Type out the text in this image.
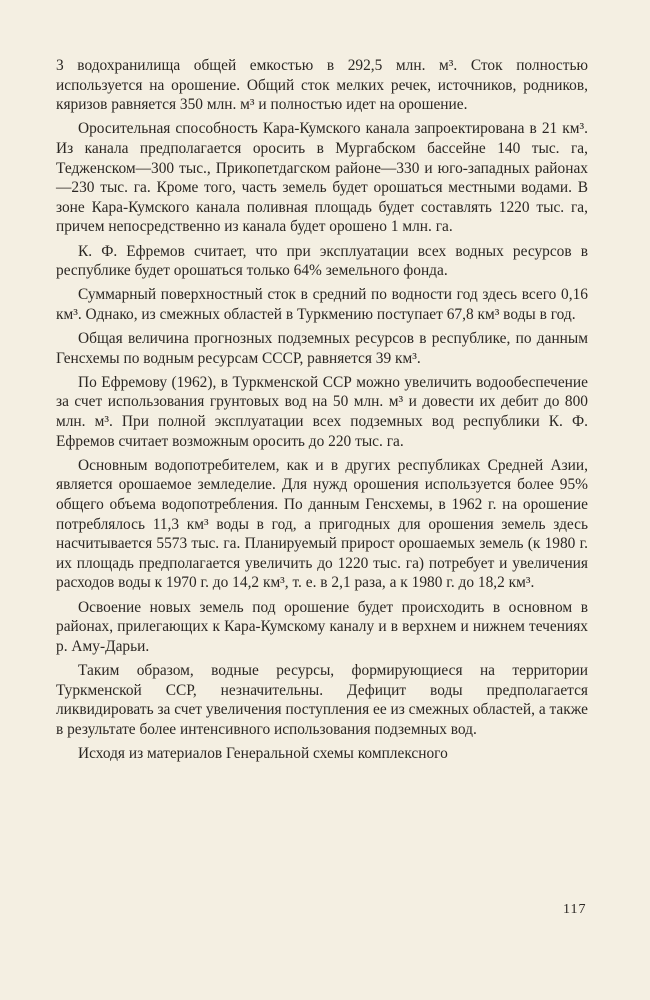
3 водохранилища общей емкостью в 292,5 млн. м³. Сток полностью используется на орошение. Общий сток мелких речек, источников, родников, кяризов равняется 350 млн. м³ и полностью идет на орошение.

Оросительная способность Кара-Кумского канала запроектирована в 21 км³. Из канала предполагается оросить в Мургабском бассейне 140 тыс. га, Теджeнском—300 тыс., Прикопетдагском районе—330 и юго-западных районах—230 тыс. га. Кроме того, часть земель будет орошаться местными водами. В зоне Кара-Кумского канала поливная площадь будет составлять 1220 тыс. га, причем непосредственно из канала будет орошено 1 млн. га.

К. Ф. Ефремов считает, что при эксплуатации всех водных ресурсов в республике будет орошаться только 64% земельного фонда.

Суммарный поверхностный сток в средний по водности год здесь всего 0,16 км³. Однако, из смежных областей в Туркмению поступает 67,8 км³ воды в год.

Общая величина прогнозных подземных ресурсов в республике, по данным Генсхемы по водным ресурсам СССР, равняется 39 км³.

По Ефремову (1962), в Туркменской ССР можно увеличить водообеспечение за счет использования грунтовых вод на 50 млн. м³ и довести их дебит до 800 млн. м³. При полной эксплуатации всех подземных вод республики К. Ф. Ефремов считает возможным оросить до 220 тыс. га.

Основным водопотребителем, как и в других республиках Средней Азии, является орошаемое земледелие. Для нужд орошения используется более 95% общего объема водопотребления. По данным Генсхемы, в 1962 г. на орошение потреблялось 11,3 км³ воды в год, а пригодных для орошения земель здесь насчитывается 5573 тыс. га. Планируемый прирост орошаемых земель (к 1980 г. их площадь предполагается увеличить до 1220 тыс. га) потребует и увеличения расходов воды к 1970 г. до 14,2 км³, т. е. в 2,1 раза, а к 1980 г. до 18,2 км³.

Освоение новых земель под орошение будет происходить в основном в районах, прилегающих к Кара-Кумскому каналу и в верхнем и нижнем течениях р. Аму-Дарьи.

Таким образом, водные ресурсы, формирующиеся на территории Туркменской ССР, незначительны. Дефицит воды предполагается ликвидировать за счет увеличения поступления ее из смежных областей, а также в результате более интенсивного использования подземных вод.

Исходя из материалов Генеральной схемы комплексного

117
